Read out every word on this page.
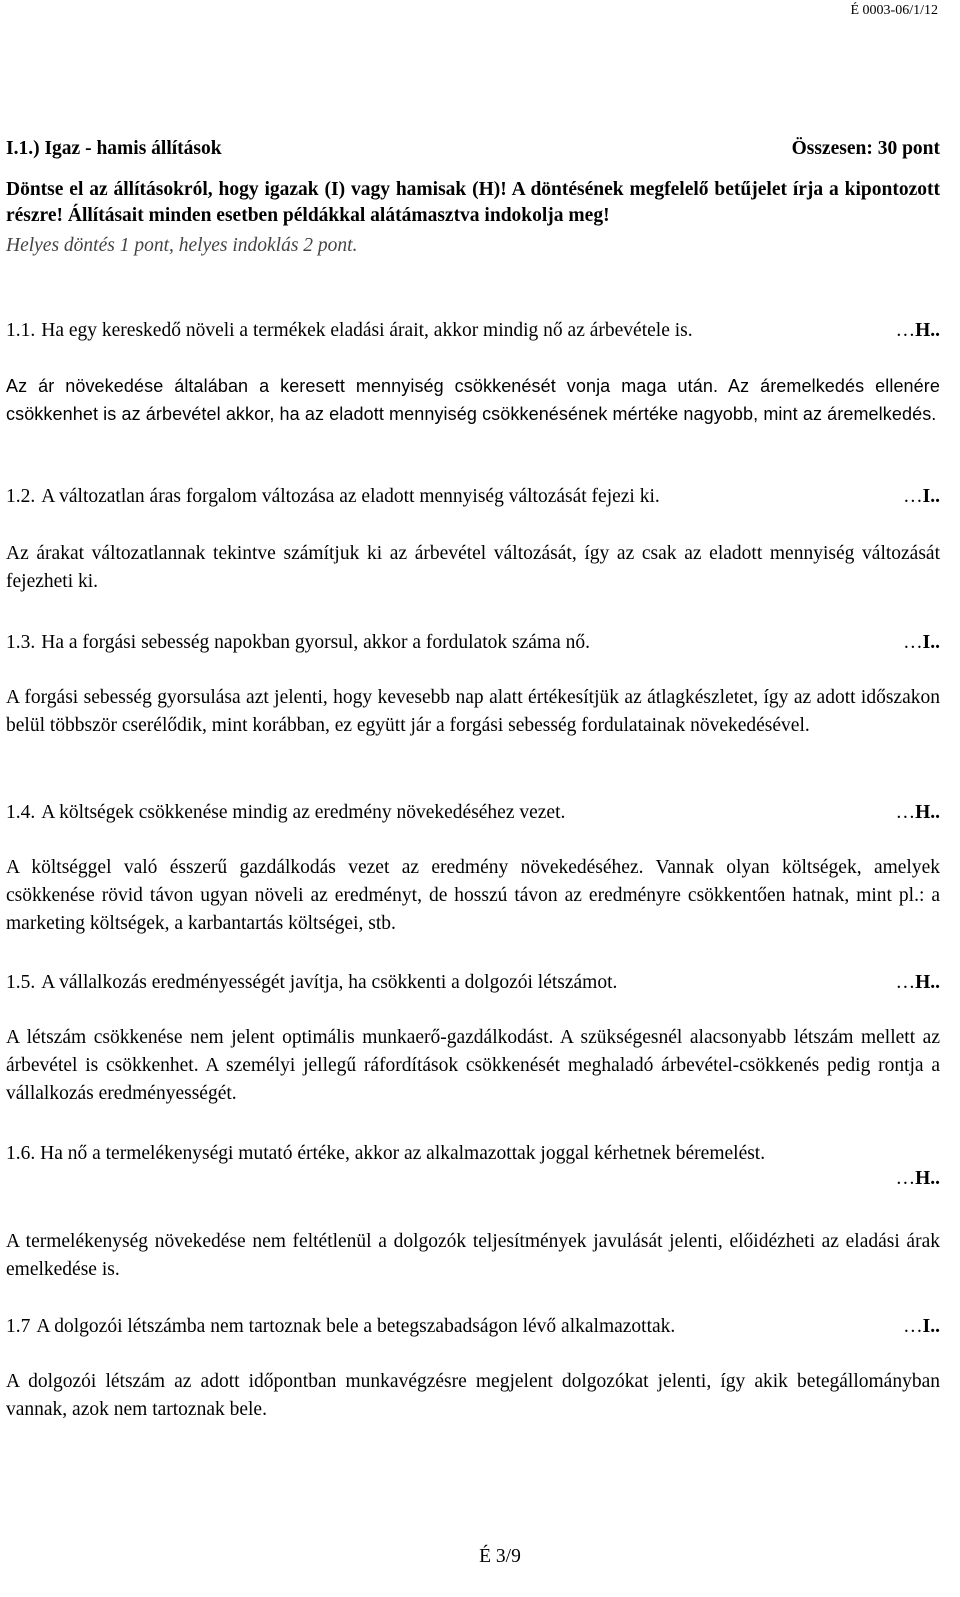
É 0003-06/1/12
I.1.) Igaz - hamis állítások	Összesen: 30 pont
Döntse el az állításokról, hogy igazak (I) vagy hamisak (H)! A döntésének megfelelő betűjelet írja a kipontozott részre! Állításait minden esetben példákkal alátámasztva indokolja meg!
Helyes döntés 1 pont, helyes indoklás 2 pont.
1.1. Ha egy kereskedő növeli a termékek eladási árait, akkor mindig nő az árbevétele is.	…H..
Az ár növekedése általában a keresett mennyiség csökkenését vonja maga után. Az áremelkedés ellenére csökkenhet is az árbevétel akkor, ha az eladott mennyiség csökkenésének mértéke nagyobb, mint az áremelkedés.
1.2. A változatlan áras forgalom változása az eladott mennyiség változását fejezi ki.	…I..
Az árakat változatlannak tekintve számítjuk ki az árbevétel változását, így az csak az eladott mennyiség változását fejezheti ki.
1.3. Ha a forgási sebesség napokban gyorsul, akkor a fordulatok száma nő.	…I..
A forgási sebesség gyorsulása azt jelenti, hogy kevesebb nap alatt értékesítjük az átlagkészletet, így az adott időszakon belül többször cserélődik, mint korábban, ez együtt jár a forgási sebesség fordulatainak növekedésével.
1.4. A költségek csökkenése mindig az eredmény növekedéséhez vezet.	…H..
A költséggel való ésszerű gazdálkodás vezet az eredmény növekedéséhez. Vannak olyan költségek, amelyek csökkenése rövid távon ugyan növeli az eredményt, de hosszú távon az eredményre csökkentően hatnak, mint pl.: a marketing költségek, a karbantartás költségei, stb.
1.5. A vállalkozás eredményességét javítja, ha csökkenti a dolgozói létszámot.	…H..
A létszám csökkenése nem jelent optimális munkaerő-gazdálkodást. A szükségesnél alacsonyabb létszám mellett az árbevétel is csökkenhet. A személyi jellegű ráfordítások csökkenését meghaladó árbevétel-csökkenés pedig rontja a vállalkozás eredményességét.
1.6. Ha nő a termelékenységi mutató értéke, akkor az alkalmazottak joggal kérhetnek béremelést.
…H..
A termelékenység növekedése nem feltétlenül a dolgozók teljesítmények javulását jelenti, előidézheti az eladási árak emelkedése is.
1.7 A dolgozói létszámba nem tartoznak bele a betegszabadságon lévő alkalmazottak.	…I..
A dolgozói létszám az adott időpontban munkavégzésre megjelent dolgozókat jelenti, így akik betegállományban vannak, azok nem tartoznak bele.
É 3/9
